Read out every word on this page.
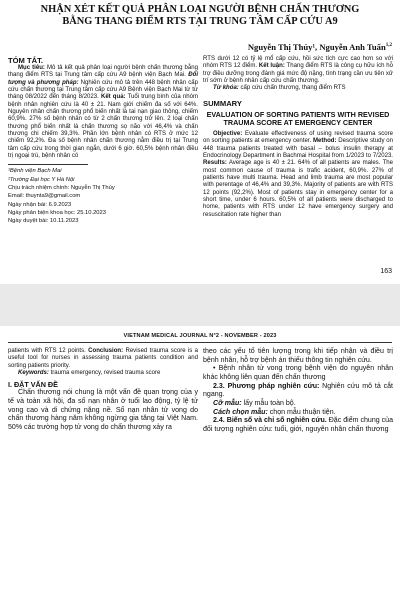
NHẬN XÉT KẾT QUẢ PHÂN LOẠI NGƯỜI BỆNH CHẤN THƯƠNG
BẰNG THANG ĐIỂM RTS TẠI TRUNG TÂM CẤP CỨU A9
Nguyễn Thị Thúy¹, Nguyễn Anh Tuấn$^{1,2}$
TÓM TẮT.

Mục tiêu: Mô tả kết quả phân loại người bệnh chấn thương bằng thang điểm RTS tại Trung tâm cấp cứu A9 bệnh viện Bạch Mai. Đối tượng và phương pháp: Nghiên cứu mô tả trên 448 bệnh nhân cấp cứu chấn thương tại Trung tâm cấp cứu A9 Bệnh viện Bạch Mai từ từ tháng 08/2022 đến tháng 8/2023. Kết quả: Tuổi trung bình của nhóm bệnh nhân nghiên cứu là 40 ± 21. Nam giới chiếm đa số với 64%. Nguyên nhân chấn thương phổ biến nhất là tai nạn giao thông, chiếm 60,9%. 27% số bệnh nhân có từ 2 chấn thương trở lên. 2 loại chấn thương phổ biến nhất là chấn thương sọ não với 46,4% và chấn thương chi chiếm 39,3%. Phần lớn bệnh nhân có RTS ở mức 12 chiếm 92,2%. Đa số bệnh nhân chấn thương nằm điều trị tại Trung tâm cấp cứu trong thời gian ngắn, dưới 6 giờ. 60,5% bệnh nhân điều trị ngoại trú, bệnh nhân có

¹Bệnh viện Bạch Mai

²Trường Đại học Y Hà Nội

Chịu trách nhiệm chính: Nguyễn Thị Thúy

Email: thuynta9@gmail.com

Ngày nhận bài: 6.9.2023

Ngày phản biện khoa học: 25.10.2023

Ngày duyệt bài: 10.11.2023

RTS dưới 12 có tỷ lệ mổ cấp cứu, hồi sức tích cực cao hơn so với nhóm RTS 12 điểm. Kết luận: Thang điểm RTS là công cụ hữu ích hỗ trợ điều dưỡng trong đánh giá mức độ nặng, tình trạng cần ưu tiên xử trí sớm ở bệnh nhân cấp cứu chấn thương.

Từ khóa: cấp cứu chấn thương, thang điểm RTS

SUMMARY
EVALUATION OF SORTING PATIENTS WITH REVISED TRAUMA SCORE AT EMERGENCY CENTER

Objective: Evaluate effectiveness of using revised trauma score on sorting patients at emergency center. Method: Descriptive study on 448 trauma patients treated with basal – bolus insulin therapy at Endocrinology Department in Bachmai Hospital from 1/2023 to 7/2023. Results: Average age is 40 ± 21. 64% of all patients are males. The most common cause of trauma is trafic acident, 60,9%. 27% of patients have multi trauma. Head and limb trauma are most popular with perentage of 46,4% and 39,3%. Majority of patients are with RTS 12 points (92,2%). Most of patients stay in emergency center for a short time, under 6 hours. 60,5% of all patients were discharged to home, patients with RTS under 12 have emergency surgery and resuscitation rate higher than

163
VIETNAM MEDICAL JOURNAL N°2 - NOVEMBER - 2023

patients with RTS 12 points. Conclusion: Revised trauma score is a useful tool for nurses in assessing trauma patients condition and sorting patients priority.

Keywords: trauma emergency, revised trauma score

I. ĐẶT VẤN ĐỀ

Chấn thương nói chung là một vấn đề quan trọng của y tế và toàn xã hội, đa số nạn nhân ở tuổi lao động, tỷ lệ tử vong cao và di chứng nặng nề. Số nạn nhân tử vong do chấn thương hàng năm không ngừng gia tăng tại Việt Nam. 50% các trường hợp tử vong do chấn thương xảy ra

theo các yếu tố tiên lượng trong khi tiếp nhận và điều trị bệnh nhân, hỗ trợ bệnh án thiếu thông tin nghiên cứu.

• Bệnh nhân tử vong trong bệnh viện do nguyên nhân khác không liên quan đến chấn thương

2.3. Phương pháp nghiên cứu: Nghiên cứu mô tả cắt ngang.

Cỡ mẫu: lấy mẫu toàn bộ.

Cách chọn mẫu: chọn mẫu thuận tiện.

2.4. Biến số và chỉ số nghiên cứu. Đặc điểm chung của đối tượng nghiên cứu: tuổi, giới, nguyên nhân chấn thương
